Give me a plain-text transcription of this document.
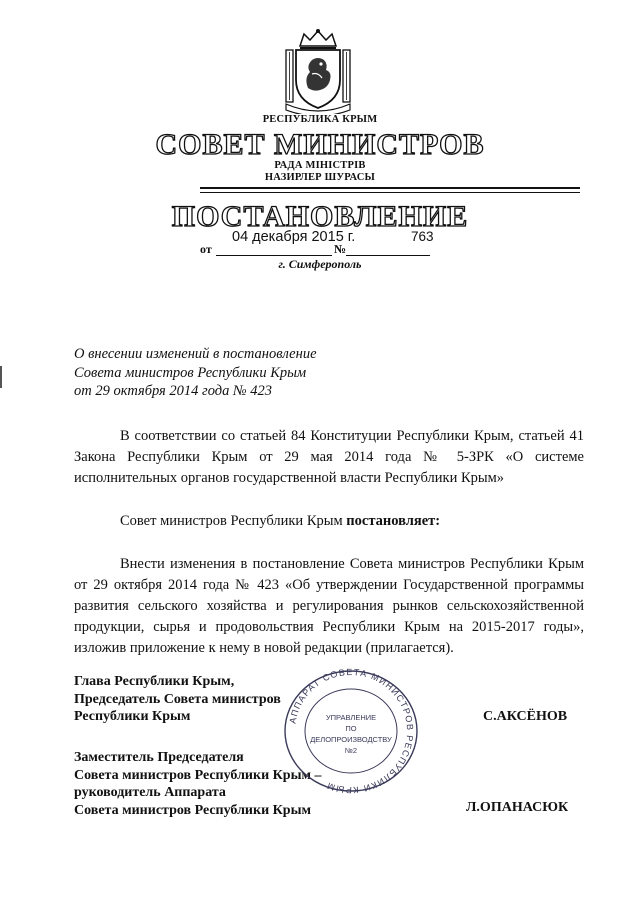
РЕСПУБЛИКА КРЫМ
СОВЕТ МИНИСТРОВ
РАДА МІНІСТРІВ
НАЗИРЛЕР ШУРАСЫ
ПОСТАНОВЛЕНИЕ
04 декабря 2015 г.	763
от	№
г. Симферополь
О внесении изменений в постановление
Совета министров Республики Крым
от 29 октября 2014 года № 423
В соответствии со статьей 84 Конституции Республики Крым, статьей 41 Закона Республики Крым от 29 мая 2014 года № 5-ЗРК «О системе исполнительных органов государственной власти Республики Крым»
Совет министров Республики Крым постановляет:
Внести изменения в постановление Совета министров Республики Крым от 29 октября 2014 года № 423 «Об утверждении Государственной программы развития сельского хозяйства и регулирования рынков сельскохозяйственной продукции, сырья и продовольствия Республики Крым на 2015-2017 годы», изложив приложение к нему в новой редакции (прилагается).
Глава Республики Крым,
Председатель Совета министров
Республики Крым	С.АКСЁНОВ
Заместитель Председателя
Совета министров Республики Крым –
руководитель Аппарата
Совета министров Республики Крым	Л.ОПАНАСЮК
АППАРАТ СОВЕТА МИНИСТРОВ РЕСПУБЛИКИ КРЫМ
УПРАВЛЕНИЕ
ПО
ДЕЛОПРОИЗВОДСТВУ
№2
